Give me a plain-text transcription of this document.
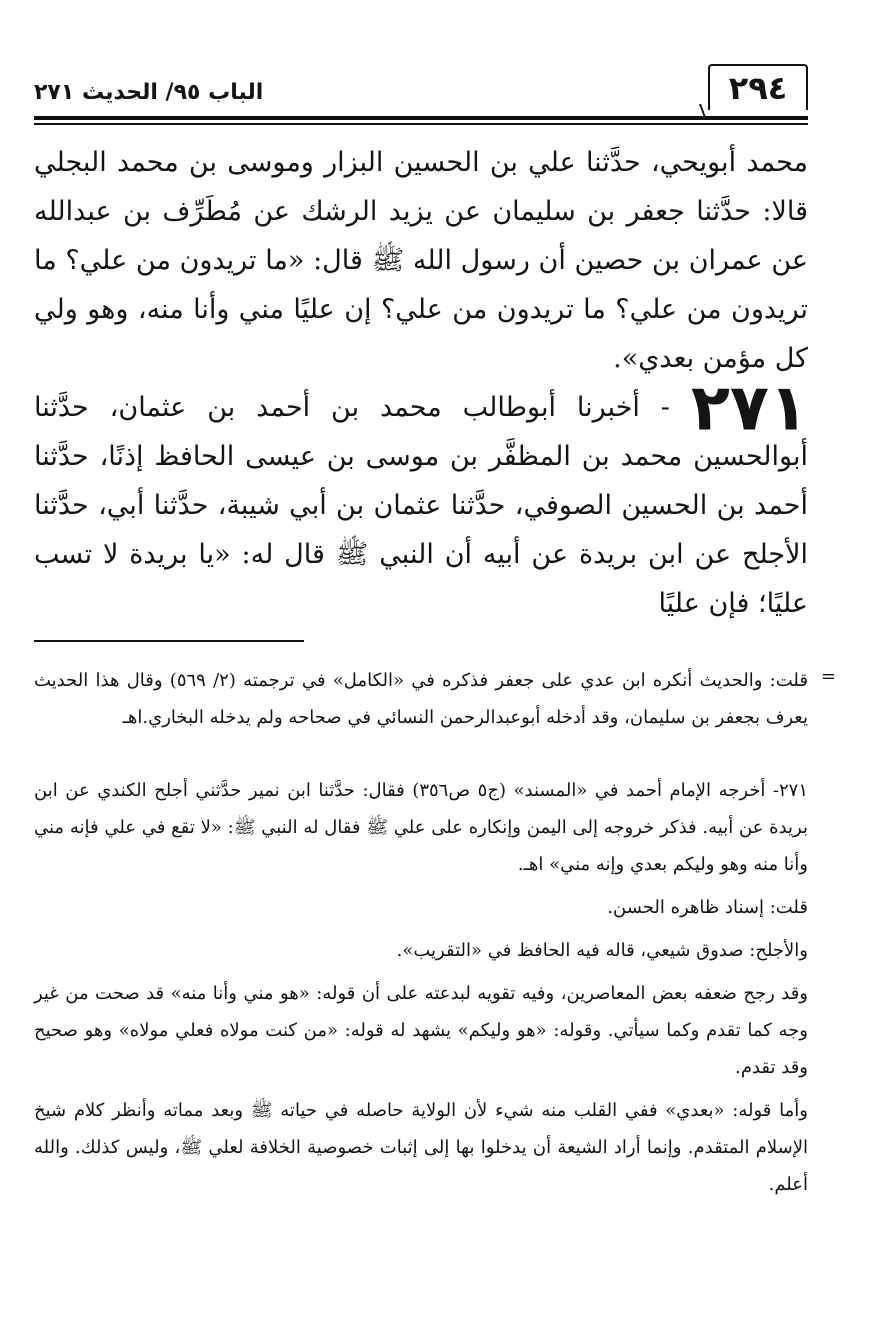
٢٩٤
الباب ٩٥/ الحديث ٢٧١

محمد أبويحي، حدَّثنا علي بن الحسين البزار وموسى بن محمد البجلي قالا: حدَّثنا جعفر بن سليمان عن يزيد الرشك عن مُطَرِّف بن عبدالله عن عمران بن حصين أن رسول الله ﷺ قال: «ما تريدون من علي؟ ما تريدون من علي؟ ما تريدون من علي؟ إن عليًا مني وأنا منه، وهو ولي كل مؤمن بعدي».

٢٧١ - أخبرنا أبوطالب محمد بن أحمد بن عثمان، حدَّثنا أبوالحسين محمد بن المظفَّر بن موسى بن عيسى الحافظ إذنًا، حدَّثنا أحمد بن الحسين الصوفي، حدَّثنا عثمان بن أبي شيبة، حدَّثنا أبي، حدَّثنا الأجلح عن ابن بريدة عن أبيه أن النبي ﷺ قال له: «يا بريدة لا تسب عليًا؛ فإن عليًا

=

قلت: والحديث أنكره ابن عدي على جعفر فذكره في «الكامل» في ترجمته (٢/ ٥٦٩) وقال هذا الحديث يعرف بجعفر بن سليمان، وقد أدخله أبوعبدالرحمن النسائي في صحاحه ولم يدخله البخاري.اهـ

٢٧١- أخرجه الإمام أحمد في «المسند» (ج٥ ص٣٥٦) فقال: حدَّثنا ابن نمير حدَّثني أجلح الكندي عن ابن بريدة عن أبيه. فذكر خروجه إلى اليمن وإنكاره على علي ﷺ فقال له النبي ﷺ: «لا تقع في علي فإنه مني وأنا منه وهو وليكم بعدي وإنه مني» اهـ.

قلت: إسناد ظاهره الحسن.

والأجلح: صدوق شيعي، قاله فيه الحافظ في «التقريب».

وقد رجح ضعفه بعض المعاصرين، وفيه تقويه لبدعته على أن قوله: «هو مني وأنا منه» قد صحت من غير وجه كما تقدم وكما سيأتي. وقوله: «هو وليكم» يشهد له قوله: «من كنت مولاه فعلي مولاه» وهو صحيح وقد تقدم.

وأما قوله: «بعدي» ففي القلب منه شيء لأن الولاية حاصله في حياته ﷺ وبعد مماته وأنظر كلام شيخ الإسلام المتقدم. وإنما أراد الشيعة أن يدخلوا بها إلى إثبات خصوصية الخلافة لعلي ﷺ، وليس كذلك. والله أعلم.
